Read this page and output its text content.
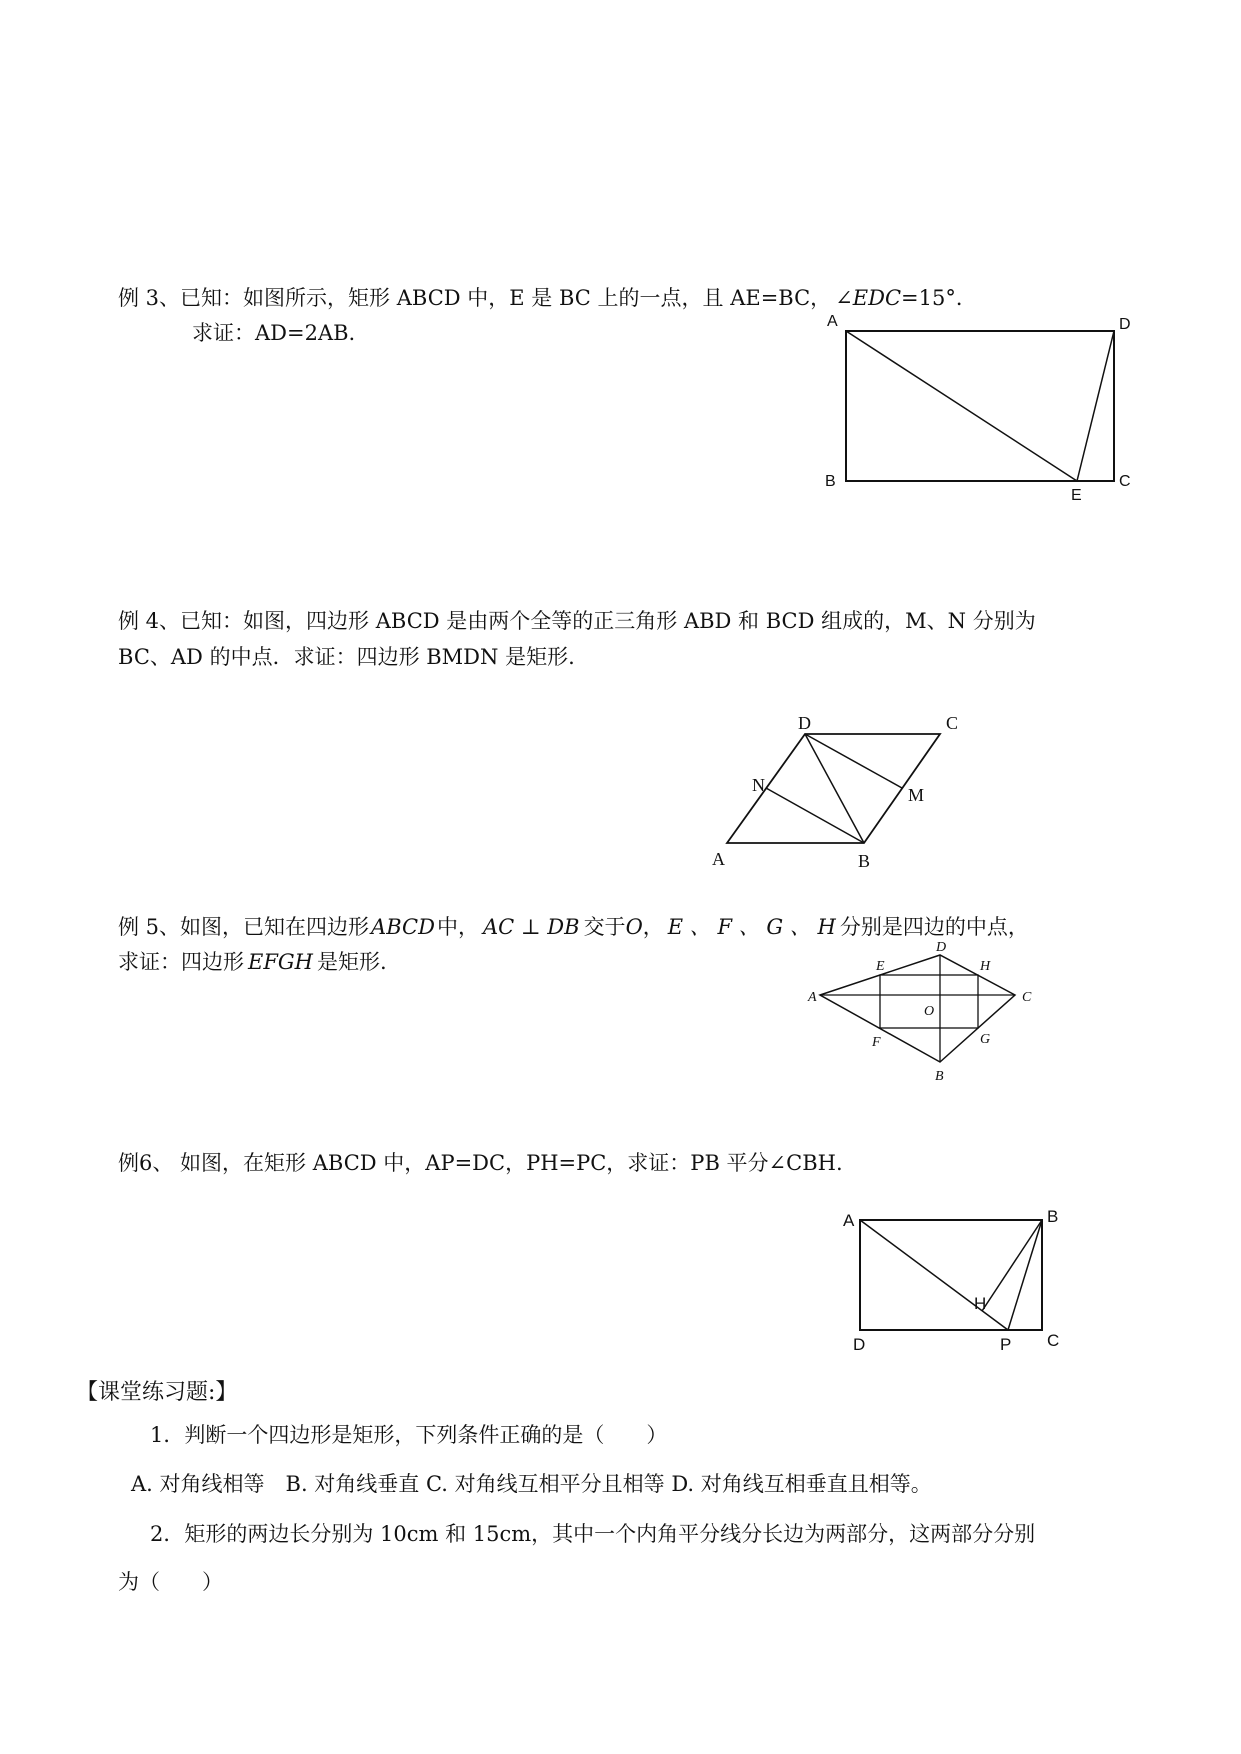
例 3、已知：如图所示，矩形 ABCD 中，E 是 BC 上的一点，且 AE=BC， ∠EDC=15°．
求证：AD=2AB.	A	D
B
E
C
例 4、已知：如图，四边形 ABCD 是由两个全等的正三角形 ABD 和 BCD 组成的，M、N 分别为
BC、AD 的中点．求证：四边形 BMDN 是矩形.
A	B
C
D
M
N
例 5、如图，已知在四边形ABCD中， AC ⊥ DB 交于O， E 、 F 、 G 、 H 分别是四边的中点，
求证：四边形 EFGH 是矩形.
A
D
C
B
E	H
G
F
O
例6、 如图，在矩形 ABCD 中，AP=DC，PH=PC，求证：PB 平分∠CBH.
A	B
D	P C
H
【课堂练习题:】
1．判断一个四边形是矩形，下列条件正确的是（　　）
A. 对角线相等　B. 对角线垂直 C. 对角线互相平分且相等 D. 对角线互相垂直且相等。
2．矩形的两边长分别为 10cm 和 15cm，其中一个内角平分线分长边为两部分，这两部分分别
为（　　）
